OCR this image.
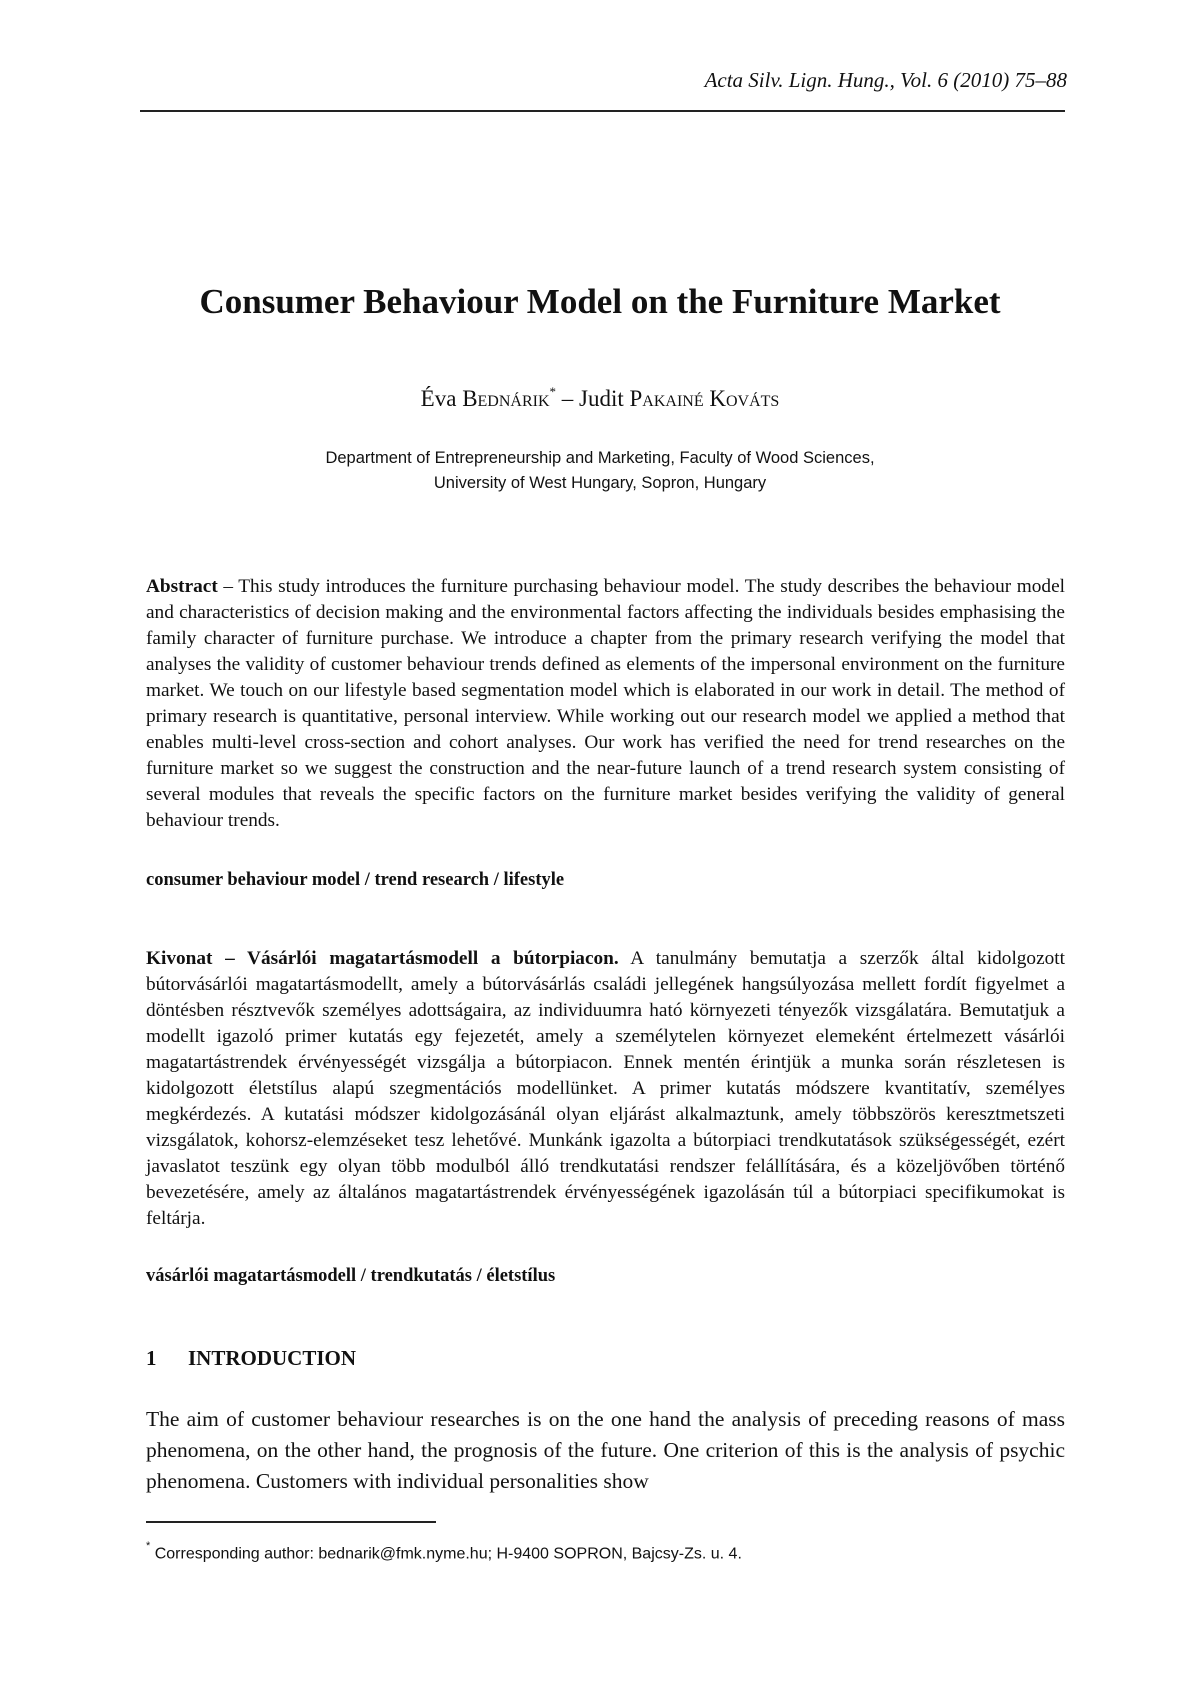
Acta Silv. Lign. Hung., Vol. 6 (2010) 75–88
Consumer Behaviour Model on the Furniture Market
Éva Bednárik* – Judit Pakainé Kováts
Department of Entrepreneurship and Marketing, Faculty of Wood Sciences,
University of West Hungary, Sopron, Hungary
Abstract – This study introduces the furniture purchasing behaviour model. The study describes the behaviour model and characteristics of decision making and the environmental factors affecting the individuals besides emphasising the family character of furniture purchase. We introduce a chapter from the primary research verifying the model that analyses the validity of customer behaviour trends defined as elements of the impersonal environment on the furniture market. We touch on our lifestyle based segmentation model which is elaborated in our work in detail. The method of primary research is quantitative, personal interview. While working out our research model we applied a method that enables multi-level cross-section and cohort analyses. Our work has verified the need for trend researches on the furniture market so we suggest the construction and the near-future launch of a trend research system consisting of several modules that reveals the specific factors on the furniture market besides verifying the validity of general behaviour trends.
consumer behaviour model / trend research / lifestyle
Kivonat – Vásárlói magatartásmodell a bútorpiacon. A tanulmány bemutatja a szerzők által kidolgozott bútorvásárlói magatartásmodellt, amely a bútorvásárlás családi jellegének hangsúlyozása mellett fordít figyelmet a döntésben résztvevők személyes adottságaira, az individuumra ható környezeti tényezők vizsgálatára. Bemutatjuk a modellt igazoló primer kutatás egy fejezetét, amely a személytelen környezet elemeként értelmezett vásárlói magatartástrendek érvényességét vizsgálja a bútorpiacon. Ennek mentén érintjük a munka során részletesen is kidolgozott életstílus alapú szegmentációs modellünket. A primer kutatás módszere kvantitatív, személyes megkérdezés. A kutatási módszer kidolgozásánál olyan eljárást alkalmaztunk, amely többszörös keresztmetszeti vizsgálatok, kohorsz-elemzéseket tesz lehetővé. Munkánk igazolta a bútorpiaci trendkutatások szükségességét, ezért javaslatot teszünk egy olyan több modulból álló trendkutatási rendszer felállítására, és a közeljövőben történő bevezetésére, amely az általános magatartástrendek érvényességének igazolásán túl a bútorpiaci specifikumokat is feltárja.
vásárlói magatartásmodell / trendkutatás / életstílus
1 INTRODUCTION
The aim of customer behaviour researches is on the one hand the analysis of preceding reasons of mass phenomena, on the other hand, the prognosis of the future. One criterion of this is the analysis of psychic phenomena. Customers with individual personalities show
* Corresponding author: bednarik@fmk.nyme.hu; H-9400 SOPRON, Bajcsy-Zs. u. 4.
